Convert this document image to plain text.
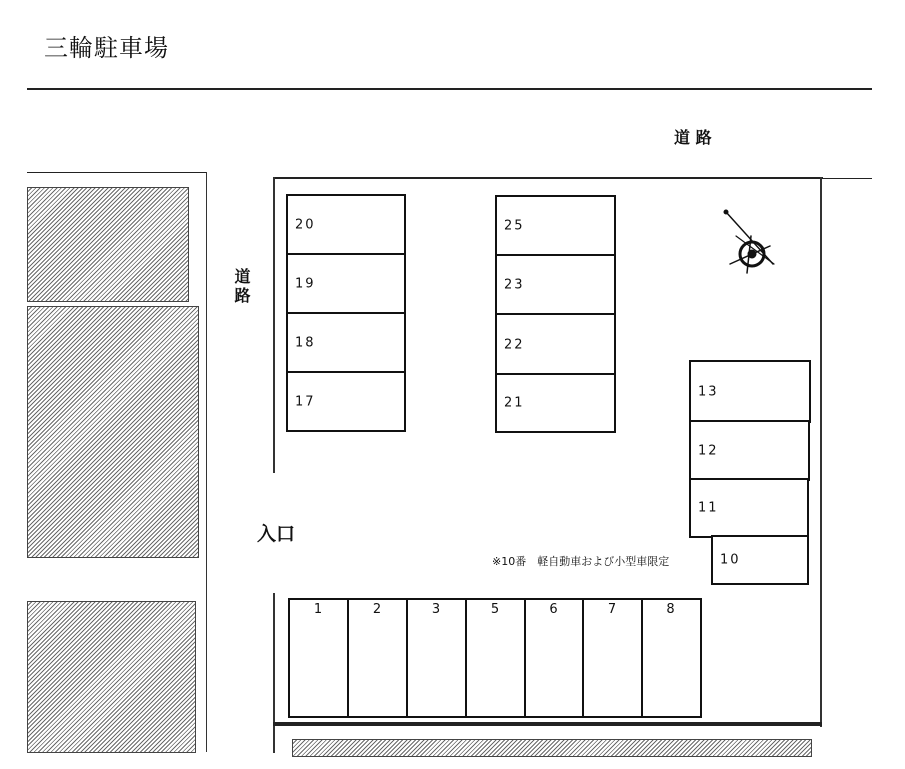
三輪駐車場
道 路
道路
20
19
18
17
25
23
22
21
13
12
11
10
※10番　軽自動車および小型車限定
入口
1	2	3	5	6	7	8
